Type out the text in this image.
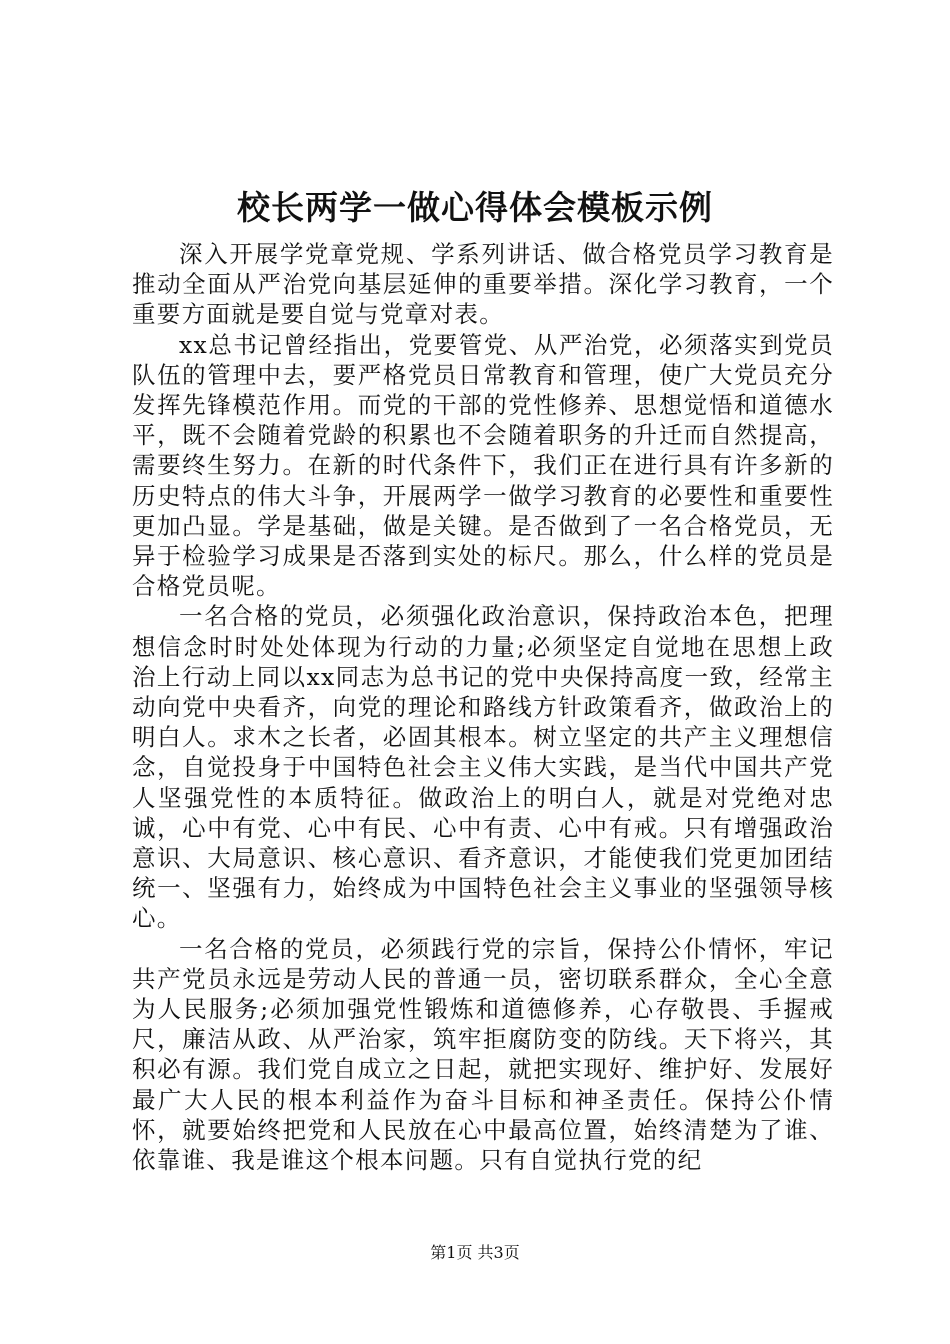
校长两学一做心得体会模板示例

深入开展学党章党规、学系列讲话、做合格党员学习教育是推动全面从严治党向基层延伸的重要举措。深化学习教育，一个重要方面就是要自觉与党章对表。

xx总书记曾经指出，党要管党、从严治党，必须落实到党员队伍的管理中去，要严格党员日常教育和管理，使广大党员充分发挥先锋模范作用。而党的干部的党性修养、思想觉悟和道德水平，既不会随着党龄的积累也不会随着职务的升迁而自然提高，需要终生努力。在新的时代条件下，我们正在进行具有许多新的历史特点的伟大斗争，开展两学一做学习教育的必要性和重要性更加凸显。学是基础，做是关键。是否做到了一名合格党员，无异于检验学习成果是否落到实处的标尺。那么，什么样的党员是合格党员呢。

一名合格的党员，必须强化政治意识，保持政治本色，把理想信念时时处处体现为行动的力量;必须坚定自觉地在思想上政治上行动上同以xx同志为总书记的党中央保持高度一致，经常主动向党中央看齐，向党的理论和路线方针政策看齐，做政治上的明白人。求木之长者，必固其根本。树立坚定的共产主义理想信念，自觉投身于中国特色社会主义伟大实践，是当代中国共产党人坚强党性的本质特征。做政治上的明白人，就是对党绝对忠诚，心中有党、心中有民、心中有责、心中有戒。只有增强政治意识、大局意识、核心意识、看齐意识，才能使我们党更加团结统一、坚强有力，始终成为中国特色社会主义事业的坚强领导核心。

一名合格的党员，必须践行党的宗旨，保持公仆情怀，牢记共产党员永远是劳动人民的普通一员，密切联系群众，全心全意为人民服务;必须加强党性锻炼和道德修养，心存敬畏、手握戒尺，廉洁从政、从严治家，筑牢拒腐防变的防线。天下将兴，其积必有源。我们党自成立之日起，就把实现好、维护好、发展好最广大人民的根本利益作为奋斗目标和神圣责任。保持公仆情怀，就要始终把党和人民放在心中最高位置，始终清楚为了谁、依靠谁、我是谁这个根本问题。只有自觉执行党的纪

第1页 共3页
